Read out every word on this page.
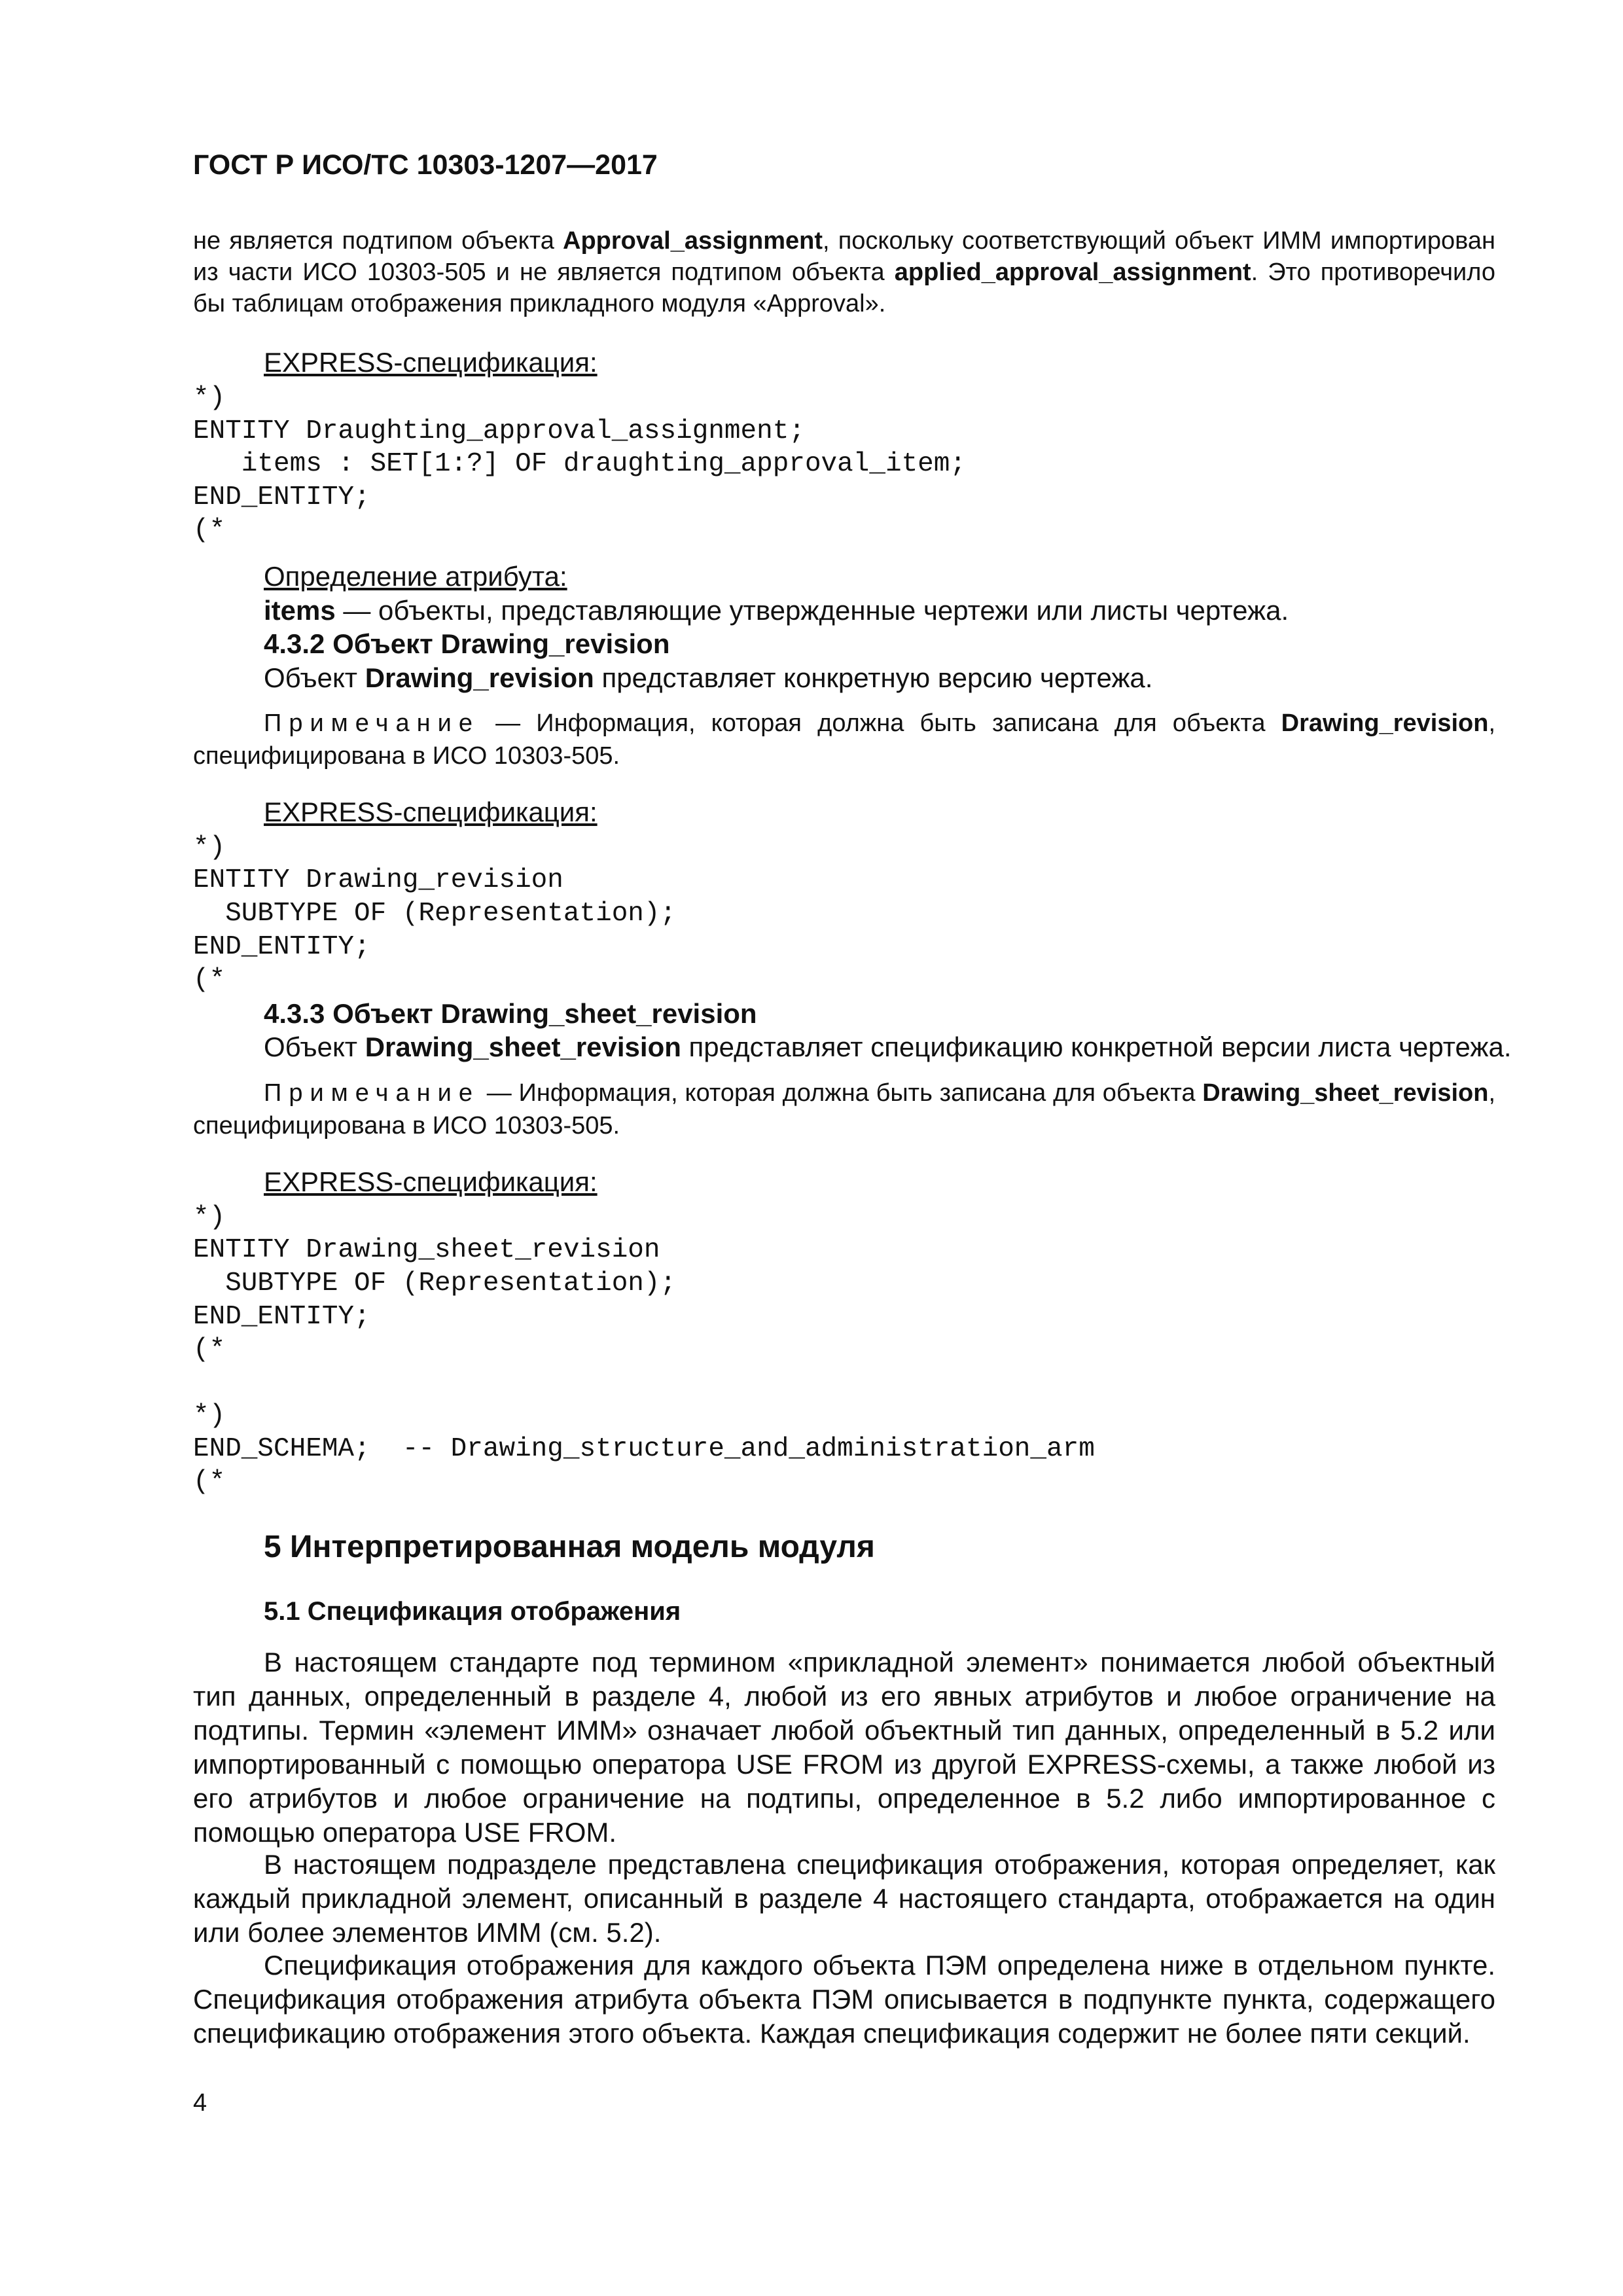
ГОСТ Р ИСО/ТС 10303-1207—2017

не является подтипом объекта Approval_assignment, поскольку соответствующий объект ИММ импортирован из части ИСО 10303-505 и не является подтипом объекта applied_approval_assignment. Это противоречило бы таблицам отображения прикладного модуля «Approval».

EXPRESS-спецификация:
*)
ENTITY Draughting_approval_assignment;
items : SET[1:?] OF draughting_approval_item;
END_ENTITY;
(*
Определение атрибута:
items — объекты, представляющие утвержденные чертежи или листы чертежа.
4.3.2 Объект Drawing_revision
Объект Drawing_revision представляет конкретную версию чертежа.

Примечание — Информация, которая должна быть записана для объекта Drawing_revision, специфицирована в ИСО 10303-505.

EXPRESS-спецификация:
*)
ENTITY Drawing_revision
SUBTYPE OF (Representation);
END_ENTITY;
(*
4.3.3 Объект Drawing_sheet_revision
Объект Drawing_sheet_revision представляет спецификацию конкретной версии листа чертежа.

Примечание — Информация, которая должна быть записана для объекта Drawing_sheet_revision, специфицирована в ИСО 10303-505.

EXPRESS-спецификация:
*)
ENTITY Drawing_sheet_revision
SUBTYPE OF (Representation);
END_ENTITY;
(*
*)
END_SCHEMA;  -- Drawing_structure_and_administration_arm
(*
5 Интерпретированная модель модуля
5.1 Спецификация отображения

В настоящем стандарте под термином «прикладной элемент» понимается любой объектный тип данных, определенный в разделе 4, любой из его явных атрибутов и любое ограничение на подтипы. Термин «элемент ИММ» означает любой объектный тип данных, определенный в 5.2 или импортированный с помощью оператора USE FROM из другой EXPRESS-схемы, а также любой из его атрибутов и любое ограничение на подтипы, определенное в 5.2 либо импортированное с помощью оператора USE FROM.

В настоящем подразделе представлена спецификация отображения, которая определяет, как каждый прикладной элемент, описанный в разделе 4 настоящего стандарта, отображается на один или более элементов ИММ (см. 5.2).

Спецификация отображения для каждого объекта ПЭМ определена ниже в отдельном пункте. Спецификация отображения атрибута объекта ПЭМ описывается в подпункте пункта, содержащего спецификацию отображения этого объекта. Каждая спецификация содержит не более пяти секций.

4
